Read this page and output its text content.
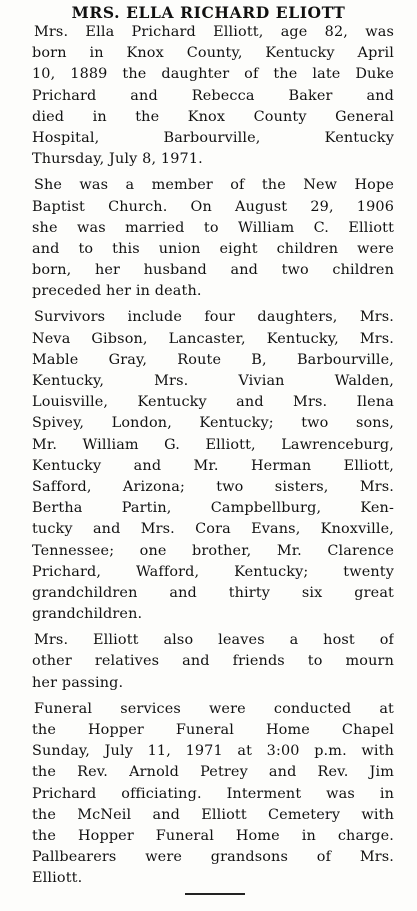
MRS. ELLA RICHARD ELIOTT
Mrs. Ella Prichard Elliott, age 82, was
born in Knox County, Kentucky April
10, 1889 the daughter of the late Duke
Prichard and Rebecca Baker and
died in the Knox County General
Hospital, Barbourville, Kentucky
Thursday, July 8, 1971.
She was a member of the New Hope
Baptist Church. On August 29, 1906
she was married to William C. Elliott
and to this union eight children were
born, her husband and two children
preceded her in death.
Survivors include four daughters, Mrs.
Neva Gibson, Lancaster, Kentucky, Mrs.
Mable Gray, Route B, Barbourville,
Kentucky, Mrs. Vivian Walden,
Louisville, Kentucky and Mrs. Ilena
Spivey, London, Kentucky; two sons,
Mr. William G. Elliott, Lawrenceburg,
Kentucky and Mr. Herman Elliott,
Safford, Arizona; two sisters, Mrs.
Bertha Partin, Campbellburg, Ken-
tucky and Mrs. Cora Evans, Knoxville,
Tennessee; one brother, Mr. Clarence
Prichard, Wafford, Kentucky; twenty
grandchildren and thirty six great
grandchildren.
Mrs. Elliott also leaves a host of
other relatives and friends to mourn
her passing.
Funeral services were conducted at
the Hopper Funeral Home Chapel
Sunday, July 11, 1971 at 3:00 p.m. with
the Rev. Arnold Petrey and Rev. Jim
Prichard officiating. Interment was in
the McNeil and Elliott Cemetery with
the Hopper Funeral Home in charge.
Pallbearers were grandsons of Mrs.
Elliott.
